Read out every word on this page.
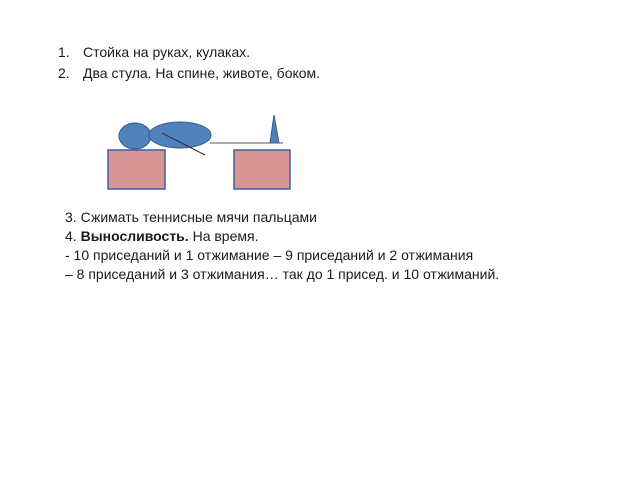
1. Стойка на руках, кулаках.
2. Два стула. На спине, животе, боком.
3. Сжимать теннисные мячи пальцами
4. Выносливость. На время.
- 10 приседаний и 1 отжимание – 9 приседаний и 2 отжимания
– 8 приседаний и 3 отжимания… так до 1 присед. и 10 отжиманий.
